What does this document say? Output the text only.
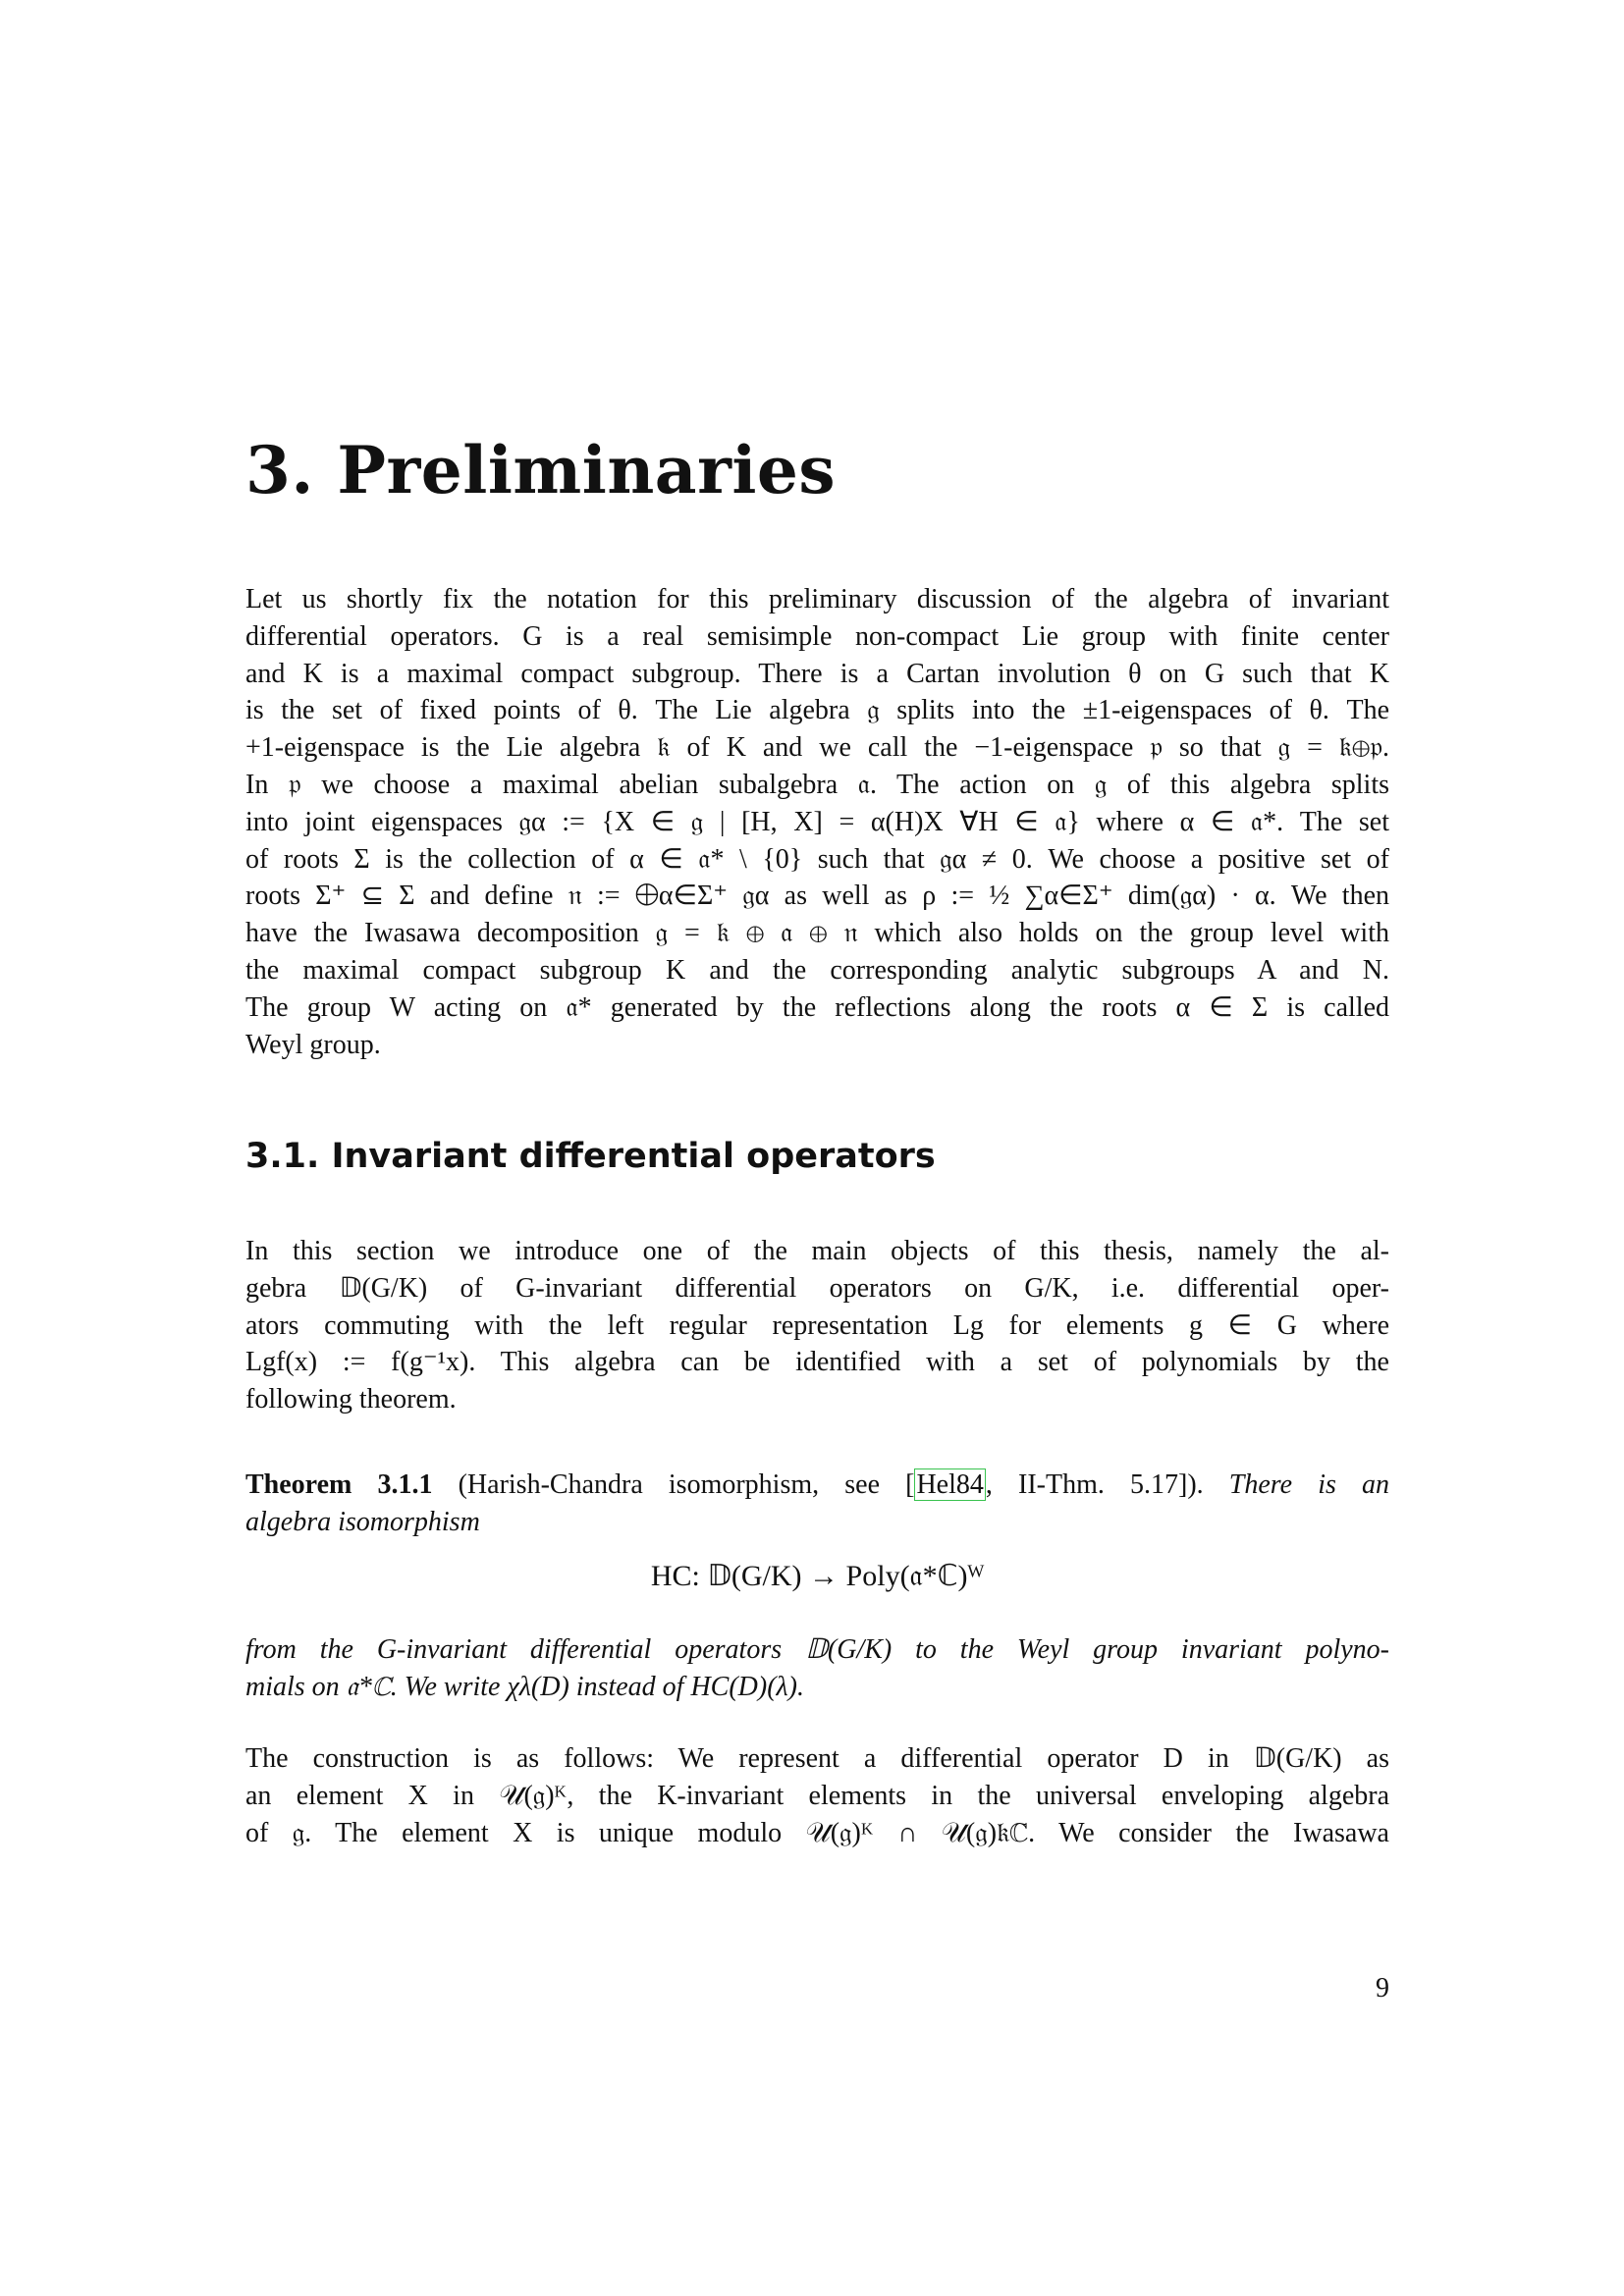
3. Preliminaries
Let us shortly fix the notation for this preliminary discussion of the algebra of invariant
differential operators. G is a real semisimple non-compact Lie group with finite center
and K is a maximal compact subgroup. There is a Cartan involution θ on G such that K
is the set of fixed points of θ. The Lie algebra 𝔤 splits into the ±1-eigenspaces of θ. The
+1-eigenspace is the Lie algebra 𝔨 of K and we call the −1-eigenspace 𝔭 so that 𝔤 = 𝔨⊕𝔭.
In 𝔭 we choose a maximal abelian subalgebra 𝔞. The action on 𝔤 of this algebra splits
into joint eigenspaces 𝔤α := {X ∈ 𝔤 | [H, X] = α(H)X ∀H ∈ 𝔞} where α ∈ 𝔞*. The set
of roots Σ is the collection of α ∈ 𝔞* \ {0} such that 𝔤α ≠ 0. We choose a positive set of
roots Σ⁺ ⊆ Σ and define 𝔫 := ⨁α∈Σ⁺ 𝔤α as well as ρ := ½ ∑α∈Σ⁺ dim(𝔤α) · α. We then
have the Iwasawa decomposition 𝔤 = 𝔨 ⊕ 𝔞 ⊕ 𝔫 which also holds on the group level with
the maximal compact subgroup K and the corresponding analytic subgroups A and N.
The group W acting on 𝔞* generated by the reflections along the roots α ∈ Σ is called
Weyl group.
3.1. Invariant differential operators
In this section we introduce one of the main objects of this thesis, namely the al-
gebra 𝔻(G/K) of G-invariant differential operators on G/K, i.e. differential oper-
ators commuting with the left regular representation Lg for elements g ∈ G where
Lgf(x) := f(g⁻¹x). This algebra can be identified with a set of polynomials by the
following theorem.
Theorem 3.1.1 (Harish-Chandra isomorphism, see [Hel84, II-Thm. 5.17]). There is an
algebra isomorphism
HC: 𝔻(G/K) → Poly(𝔞*ℂ)ᵂ
from the G-invariant differential operators 𝔻(G/K) to the Weyl group invariant polyno-
mials on 𝔞*ℂ. We write χλ(D) instead of HC(D)(λ).
The construction is as follows: We represent a differential operator D in 𝔻(G/K) as
an element X in 𝒰(𝔤)ᴷ, the K-invariant elements in the universal enveloping algebra
of 𝔤. The element X is unique modulo 𝒰(𝔤)ᴷ ∩ 𝒰(𝔤)𝔨ℂ. We consider the Iwasawa
9
